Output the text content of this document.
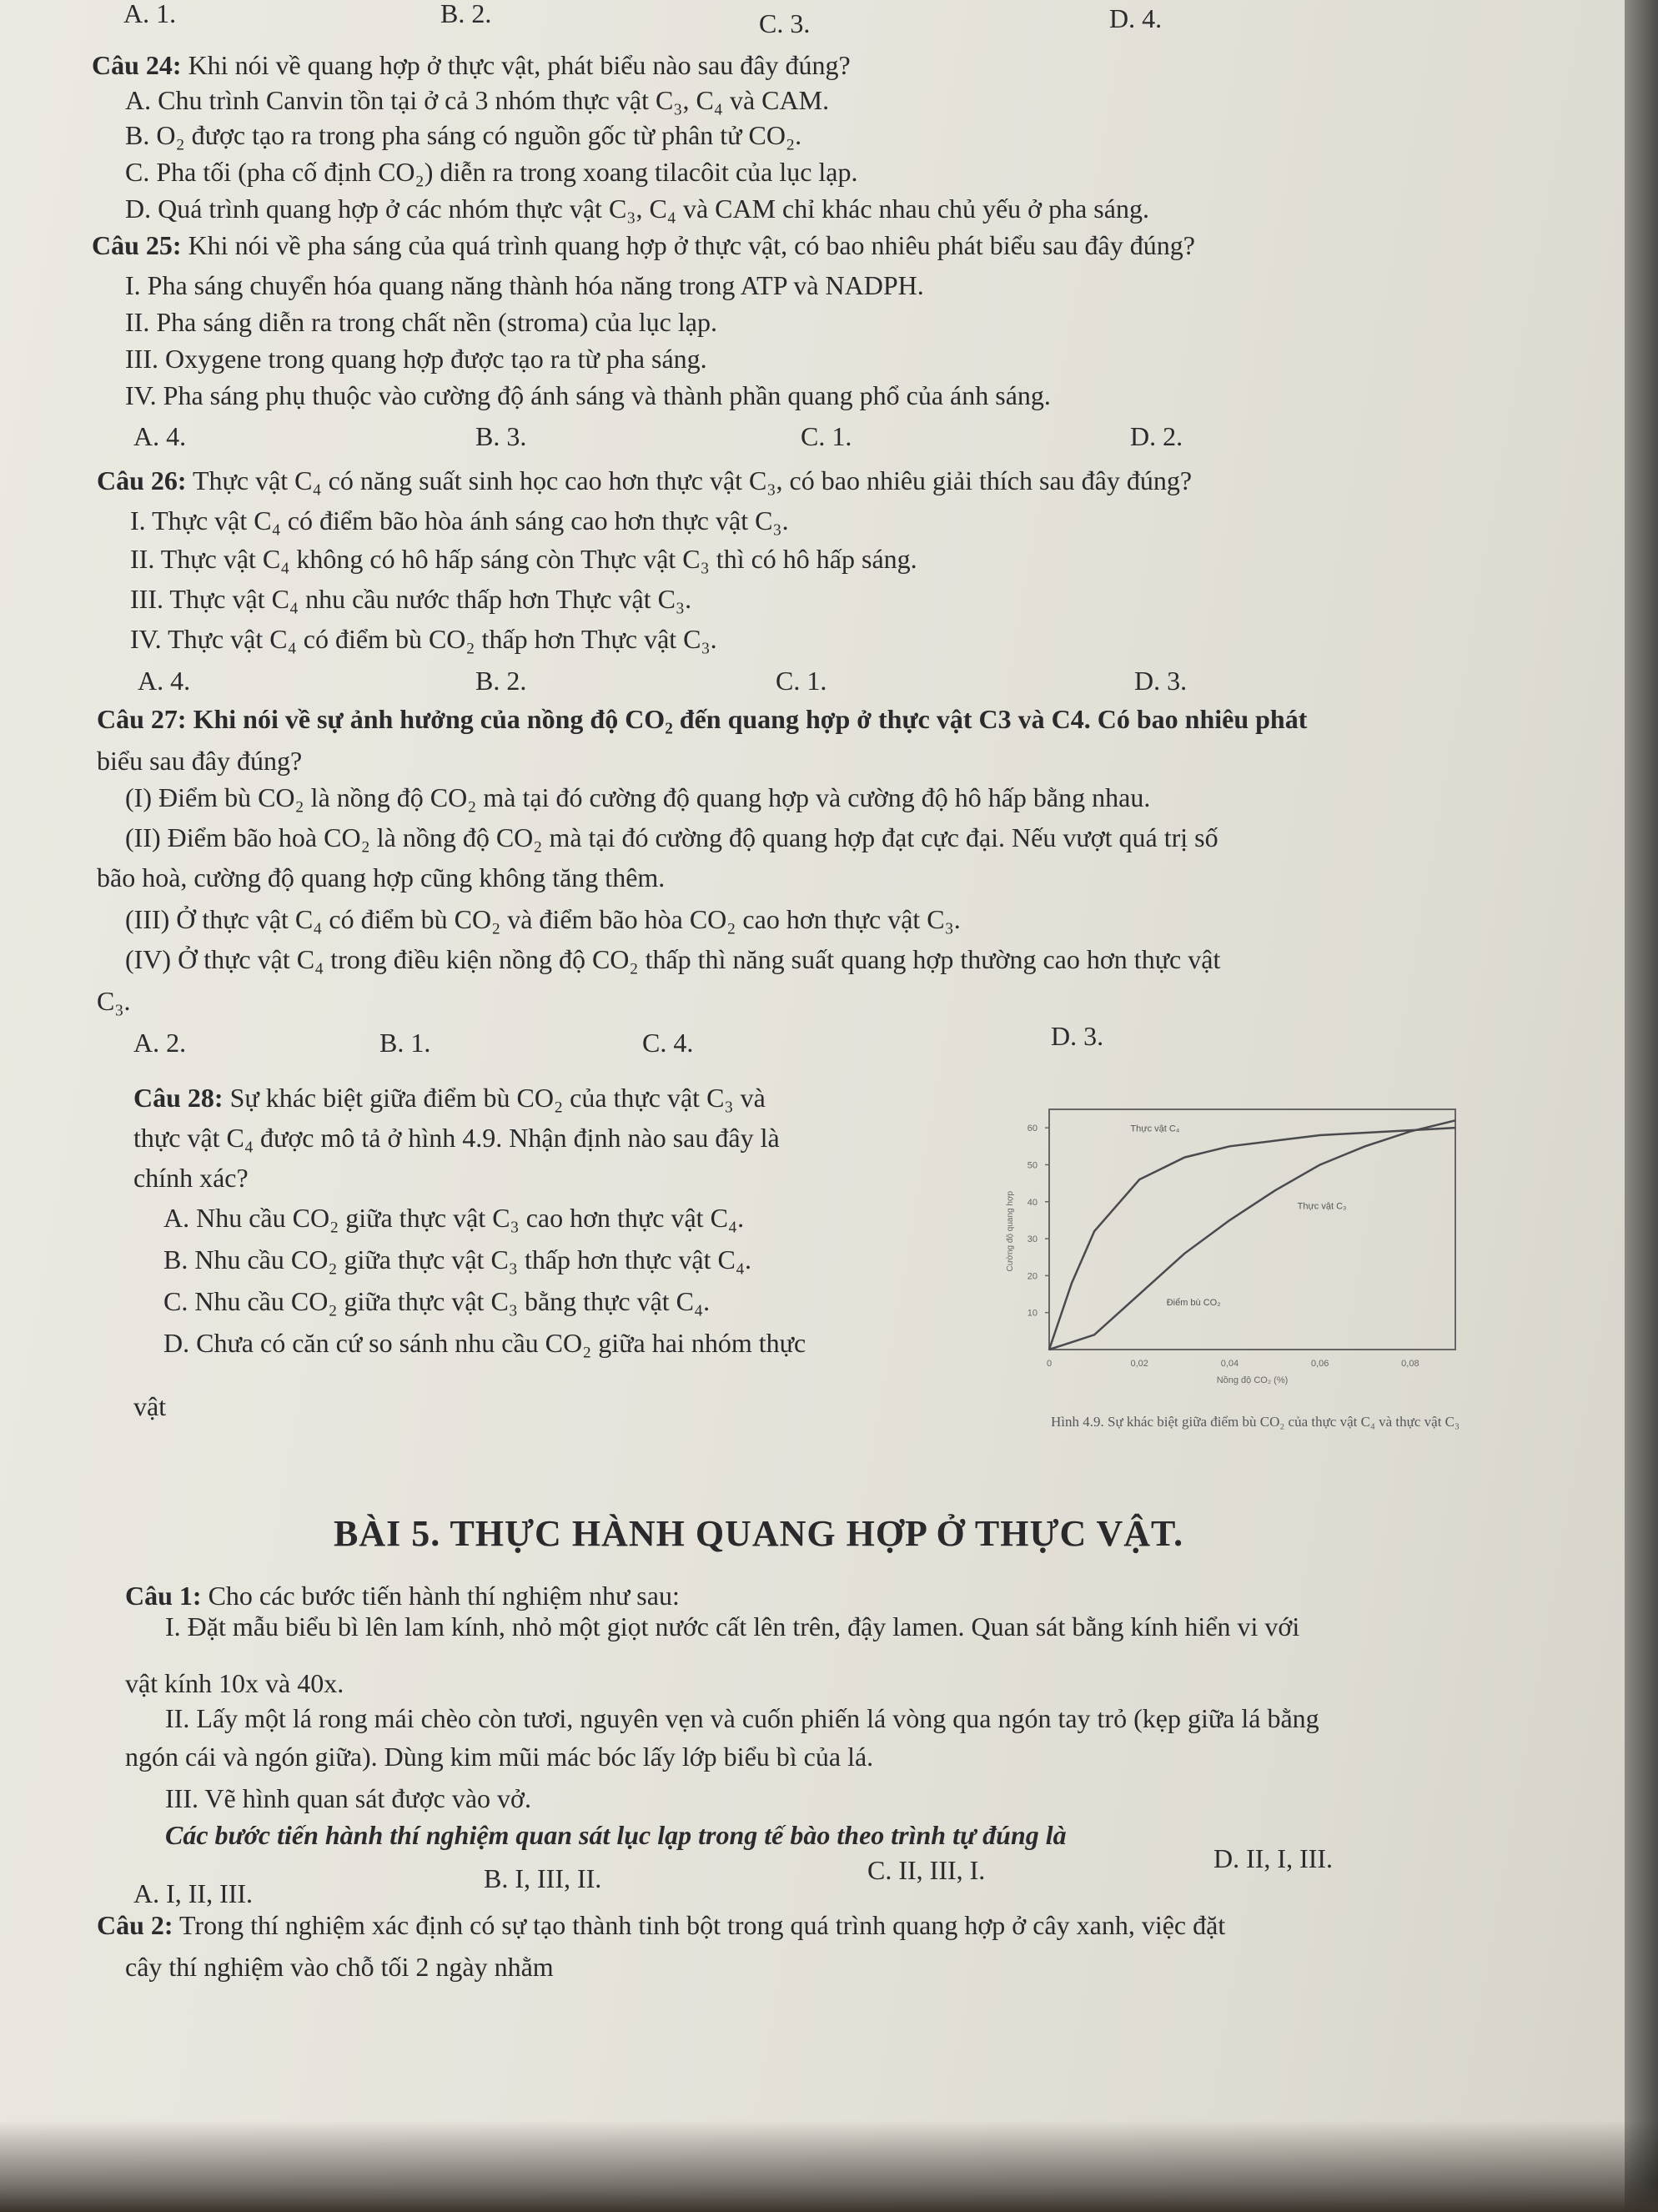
A. 1.	B. 2.	C. 3.	D. 4.
Câu 24: Khi nói về quang hợp ở thực vật, phát biểu nào sau đây đúng?
A. Chu trình Canvin tồn tại ở cả 3 nhóm thực vật C₃, C₄ và CAM.
B. O₂ được tạo ra trong pha sáng có nguồn gốc từ phân tử CO₂.
C. Pha tối (pha cố định CO₂) diễn ra trong xoang tilacôit của lục lạp.
D. Quá trình quang hợp ở các nhóm thực vật C₃, C₄ và CAM chỉ khác nhau chủ yếu ở pha sáng.
Câu 25: Khi nói về pha sáng của quá trình quang hợp ở thực vật, có bao nhiêu phát biểu sau đây đúng?
I. Pha sáng chuyển hóa quang năng thành hóa năng trong ATP và NADPH.
II. Pha sáng diễn ra trong chất nền (stroma) của lục lạp.
III. Oxygene trong quang hợp được tạo ra từ pha sáng.
IV. Pha sáng phụ thuộc vào cường độ ánh sáng và thành phần quang phổ của ánh sáng.
A. 4.	B. 3.	C. 1.	D. 2.
Câu 26: Thực vật C₄ có năng suất sinh học cao hơn thực vật C₃, có bao nhiêu giải thích sau đây đúng?
I. Thực vật C₄ có điểm bão hòa ánh sáng cao hơn thực vật C₃.
II. Thực vật C₄ không có hô hấp sáng còn Thực vật C₃ thì có hô hấp sáng.
III. Thực vật C₄ nhu cầu nước thấp hơn Thực vật C₃.
IV. Thực vật C₄ có điểm bù CO₂ thấp hơn Thực vật C₃.
A. 4.	B. 2.	C. 1.	D. 3.
Câu 27: Khi nói về sự ảnh hưởng của nồng độ CO₂ đến quang hợp ở thực vật C3 và C4. Có bao nhiêu phát
biểu sau đây đúng?
(I) Điểm bù CO₂ là nồng độ CO₂ mà tại đó cường độ quang hợp và cường độ hô hấp bằng nhau.
(II) Điểm bão hoà CO₂ là nồng độ CO₂ mà tại đó cường độ quang hợp đạt cực đại. Nếu vượt quá trị số
bão hoà, cường độ quang hợp cũng không tăng thêm.
(III) Ở thực vật C₄ có điểm bù CO₂ và điểm bão hòa CO₂ cao hơn thực vật C₃.
(IV) Ở thực vật C₄ trong điều kiện nồng độ CO₂ thấp thì năng suất quang hợp thường cao hơn thực vật
C₃.
A. 2.	B. 1.	C. 4.	D. 3.
Câu 28: Sự khác biệt giữa điểm bù CO₂ của thực vật C₃ và
thực vật C₄ được mô tả ở hình 4.9. Nhận định nào sau đây là
chính xác?
A. Nhu cầu CO₂ giữa thực vật C₃ cao hơn thực vật C₄.
B. Nhu cầu CO₂ giữa thực vật C₃ thấp hơn thực vật C₄.
C. Nhu cầu CO₂ giữa thực vật C₃ bằng thực vật C₄.
D. Chưa có căn cứ so sánh nhu cầu CO₂ giữa hai nhóm thực
vật
10
20
30
40
50
60
0	0,02	0,04	0,06	0,08
Nồng độ CO₂ (%)
Cường độ quang hợp
Thực vật C₄
Thực vật C₃
Điểm bù CO₂
Hình 4.9. Sự khác biệt giữa điểm bù CO₂ của thực vật C₄ và thực vật C₃
BÀI 5. THỰC HÀNH QUANG HỢP Ở THỰC VẬT.
Câu 1: Cho các bước tiến hành thí nghiệm như sau:
I. Đặt mẫu biểu bì lên lam kính, nhỏ một giọt nước cất lên trên, đậy lamen. Quan sát bằng kính hiển vi với
vật kính 10x và 40x.
II. Lấy một lá rong mái chèo còn tươi, nguyên vẹn và cuốn phiến lá vòng qua ngón tay trỏ (kẹp giữa lá bằng
ngón cái và ngón giữa). Dùng kim mũi mác bóc lấy lớp biểu bì của lá.
III. Vẽ hình quan sát được vào vở.
Các bước tiến hành thí nghiệm quan sát lục lạp trong tế bào theo trình tự đúng là
A. I, II, III.	B. I, III, II.	C. II, III, I.	D. II, I, III.
Câu 2: Trong thí nghiệm xác định có sự tạo thành tinh bột trong quá trình quang hợp ở cây xanh, việc đặt
cây thí nghiệm vào chỗ tối 2 ngày nhằm
